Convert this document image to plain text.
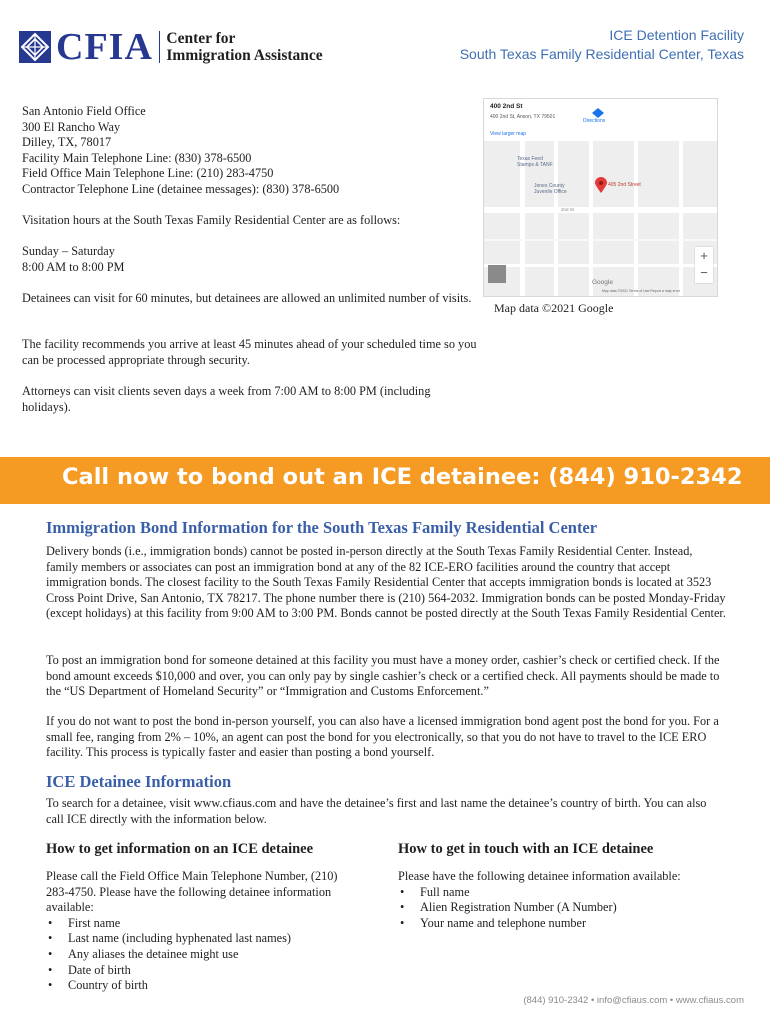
CFIA Center for
Immigration Assistance
ICE Detention Facility
South Texas Family Residential Center, Texas
San Antonio Field Office
300 El Rancho Way
Dilley, TX, 78017
Facility Main Telephone Line: (830) 378-6500
Field Office Main Telephone Line: (210) 283-4750
Contractor Telephone Line (detainee messages): (830) 378-6500
Visitation hours at the South Texas Family Residential Center are as follows:
Sunday – Saturday
8:00 AM to 8:00 PM
Detainees can visit for 60 minutes, but detainees are allowed an unlimited number of visits.
The facility recommends you arrive at least 45 minutes ahead of your scheduled time so you can be processed appropriate through security.
Attorneys can visit clients seven days a week from 7:00 AM to 8:00 PM (including holidays).
400 2nd St
400 2nd St, Anson, TX 79501
View larger map
Directions
Texas Feed
Stamps & TANF
Jones County
Juvenile Office
405 2nd Street
2nd St
+
−
Google
Map data ©2021 Terms of Use Report a map error
Map data ©2021 Google
Call now to bond out an ICE detainee: (844) 910-2342
Immigration Bond Information for the South Texas Family Residential Center
Delivery bonds (i.e., immigration bonds) cannot be posted in-person directly at the South Texas Family Residential Center. Instead, family members or associates can post an immigration bond at any of the 82 ICE-ERO facilities around the country that accept immigration bonds. The closest facility to the South Texas Family Residential Center that accepts immigration bonds is located at 3523 Cross Point Drive, San Antonio, TX 78217. The phone number there is (210) 564-2032. Immigration bonds can be posted Monday-Friday (except holidays) at this facility from 9:00 AM to 3:00 PM. Bonds cannot be posted directly at the South Texas Family Residential Center.
To post an immigration bond for someone detained at this facility you must have a money order, cashier’s check or certified check. If the bond amount exceeds $10,000 and over, you can only pay by single cashier’s check or a certified check. All payments should be made to the “US Department of Homeland Security” or “Immigration and Customs Enforcement.”
If you do not want to post the bond in-person yourself, you can also have a licensed immigration bond agent post the bond for you. For a small fee, ranging from 2% – 10%, an agent can post the bond for you electronically, so that you do not have to travel to the ICE ERO facility. This process is typically faster and easier than posting a bond yourself.
ICE Detainee Information
To search for a detainee, visit www.cfiaus.com and have the detainee’s first and last name the detainee’s country of birth. You can also call ICE directly with the information below.
How to get information on an ICE detainee
Please call the Field Office Main Telephone Number, (210) 283-4750. Please have the following detainee information available:
• First name
• Last name (including hyphenated last names)
• Any aliases the detainee might use
• Date of birth
• Country of birth
How to get in touch with an ICE detainee
Please have the following detainee information available:
• Full name
• Alien Registration Number (A Number)
• Your name and telephone number
(844) 910-2342 • info@cfiaus.com • www.cfiaus.com
